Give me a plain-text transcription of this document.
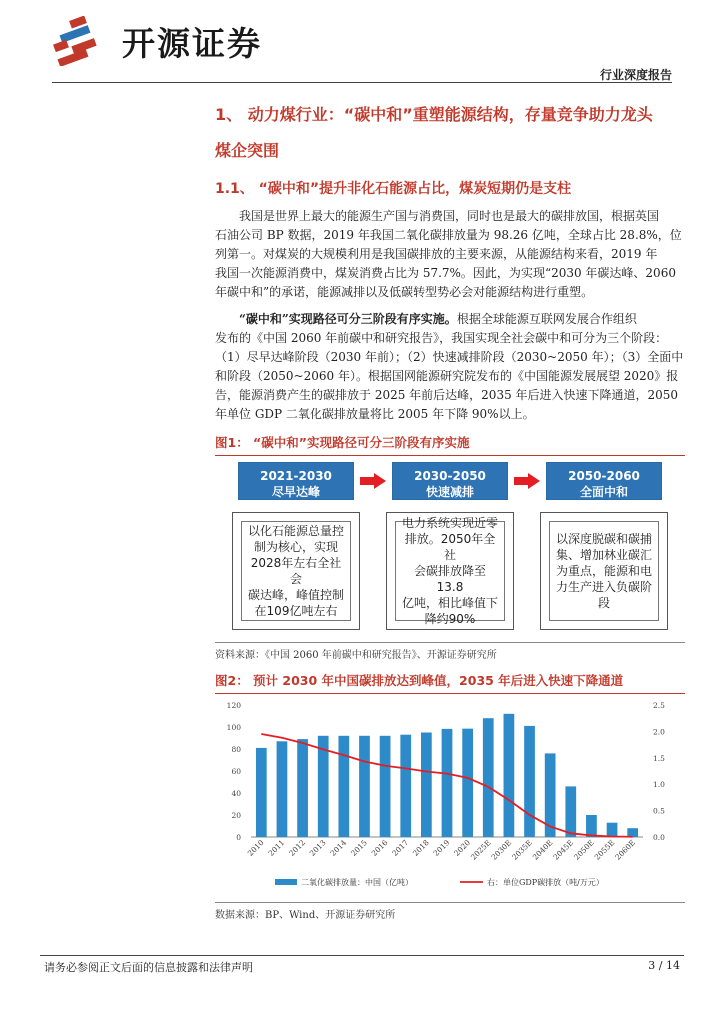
开源证券
行业深度报告
1、 动力煤行业：“碳中和”重塑能源结构，存量竞争助力龙头
煤企突围
1.1、 “碳中和”提升非化石能源占比，煤炭短期仍是支柱
我国是世界上最大的能源生产国与消费国，同时也是最大的碳排放国，根据英国
石油公司 BP 数据，2019 年我国二氧化碳排放量为 98.26 亿吨，全球占比 28.8%，位
列第一。对煤炭的大规模利用是我国碳排放的主要来源，从能源结构来看，2019 年
我国一次能源消费中，煤炭消费占比为 57.7%。因此，为实现“2030 年碳达峰、2060
年碳中和”的承诺，能源减排以及低碳转型势必会对能源结构进行重塑。
“碳中和”实现路径可分三阶段有序实施。根据全球能源互联网发展合作组织
发布的《中国 2060 年前碳中和研究报告》，我国实现全社会碳中和可分为三个阶段：
（1）尽早达峰阶段（2030 年前）；（2）快速减排阶段（2030~2050 年）；（3）全面中
和阶段（2050~2060 年）。根据国网能源研究院发布的《中国能源发展展望 2020》报
告，能源消费产生的碳排放于 2025 年前后达峰，2035 年后进入快速下降通道，2050
年单位 GDP 二氧化碳排放量将比 2005 年下降 90%以上。
图1： “碳中和”实现路径可分三阶段有序实施
2021-2030
尽早达峰
2030-2050
快速减排
2050-2060
全面中和
以化石能源总量控
制为核心，实现
2028年左右全社会
碳达峰，峰值控制
在109亿吨左右
电力系统实现近零
排放。2050年全社
会碳排放降至13.8
亿吨，相比峰值下
降约90%
以深度脱碳和碳捕
集、增加林业碳汇
为重点，能源和电
力生产进入负碳阶
段
资料来源：《中国 2060 年前碳中和研究报告》、开源证券研究所
图2： 预计 2030 年中国碳排放达到峰值，2035 年后进入快速下降通道
0
20
40
60
80
100
120
0.0
0.5
1.0
1.5
2.0
2.5
2010 2011 2012 2013 2014 2015 2016 2017 2018 2019 2020
2025E
2030E
2035E
2040E
2045E
2050E
2055E
2060E
二氧化碳排放量：中国（亿吨）	右：单位GDP碳排放（吨/万元）
数据来源：BP、Wind、开源证券研究所
请务必参阅正文后面的信息披露和法律声明	3 / 14
